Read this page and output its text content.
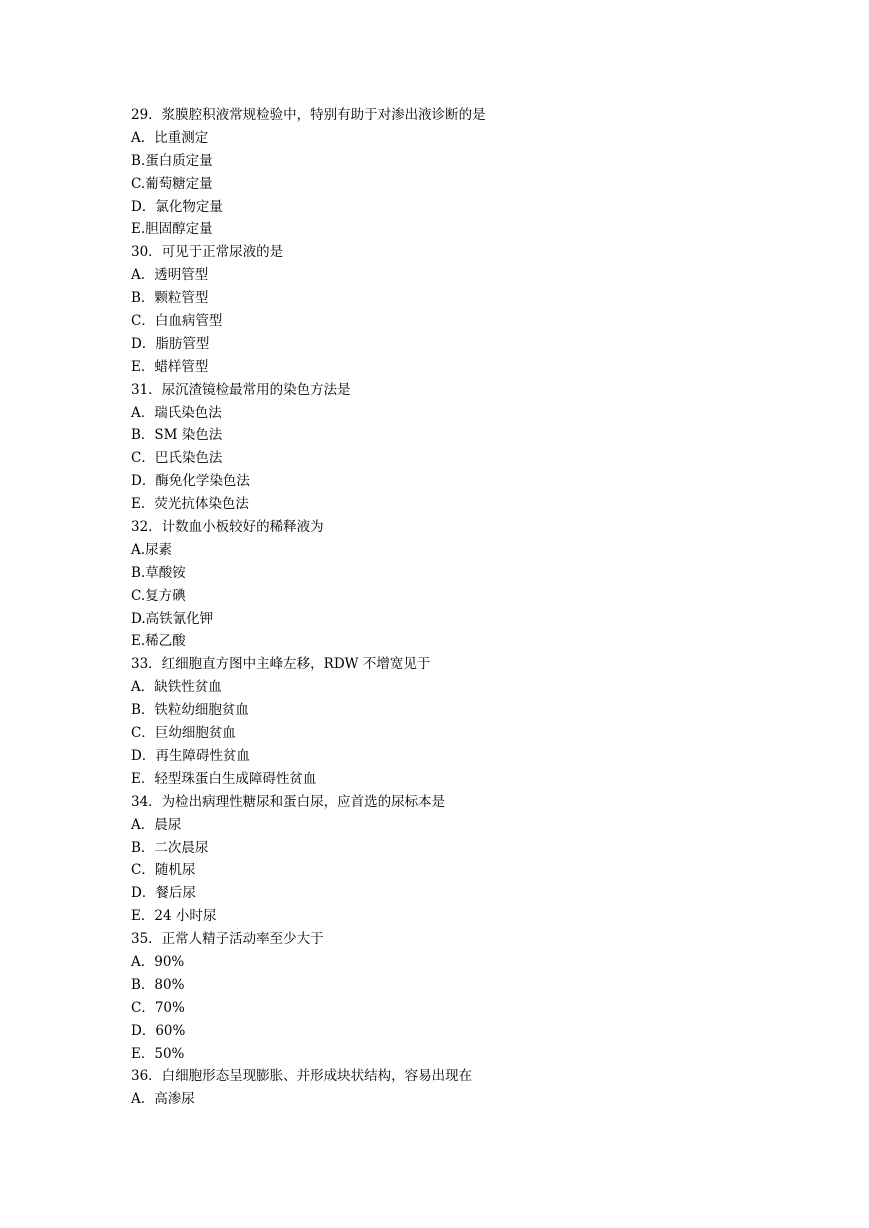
29．浆膜腔积液常规检验中，特别有助于对渗出液诊断的是
A．比重测定
B.蛋白质定量
C.葡萄糖定量
D．氯化物定量
E.胆固醇定量
30．可见于正常尿液的是
A．透明管型
B．颗粒管型
C．白血病管型
D．脂肪管型
E．蜡样管型
31．尿沉渣镜检最常用的染色方法是
A．瑞氏染色法
B．SM 染色法
C．巴氏染色法
D．酶免化学染色法
E．荧光抗体染色法
32．计数血小板较好的稀释液为
A.尿素
B.草酸铵
C.复方碘
D.高铁氰化钾
E.稀乙酸
33．红细胞直方图中主峰左移，RDW 不增宽见于
A．缺铁性贫血
B．铁粒幼细胞贫血
C．巨幼细胞贫血
D．再生障碍性贫血
E．轻型珠蛋白生成障碍性贫血
34．为检出病理性糖尿和蛋白尿，应首选的尿标本是
A．晨尿
B．二次晨尿
C．随机尿
D．餐后尿
E．24 小时尿
35．正常人精子活动率至少大于
A．90%
B．80%
C．70%
D．60%
E．50%
36．白细胞形态呈现膨胀、并形成块状结构，容易出现在
A．高渗尿
